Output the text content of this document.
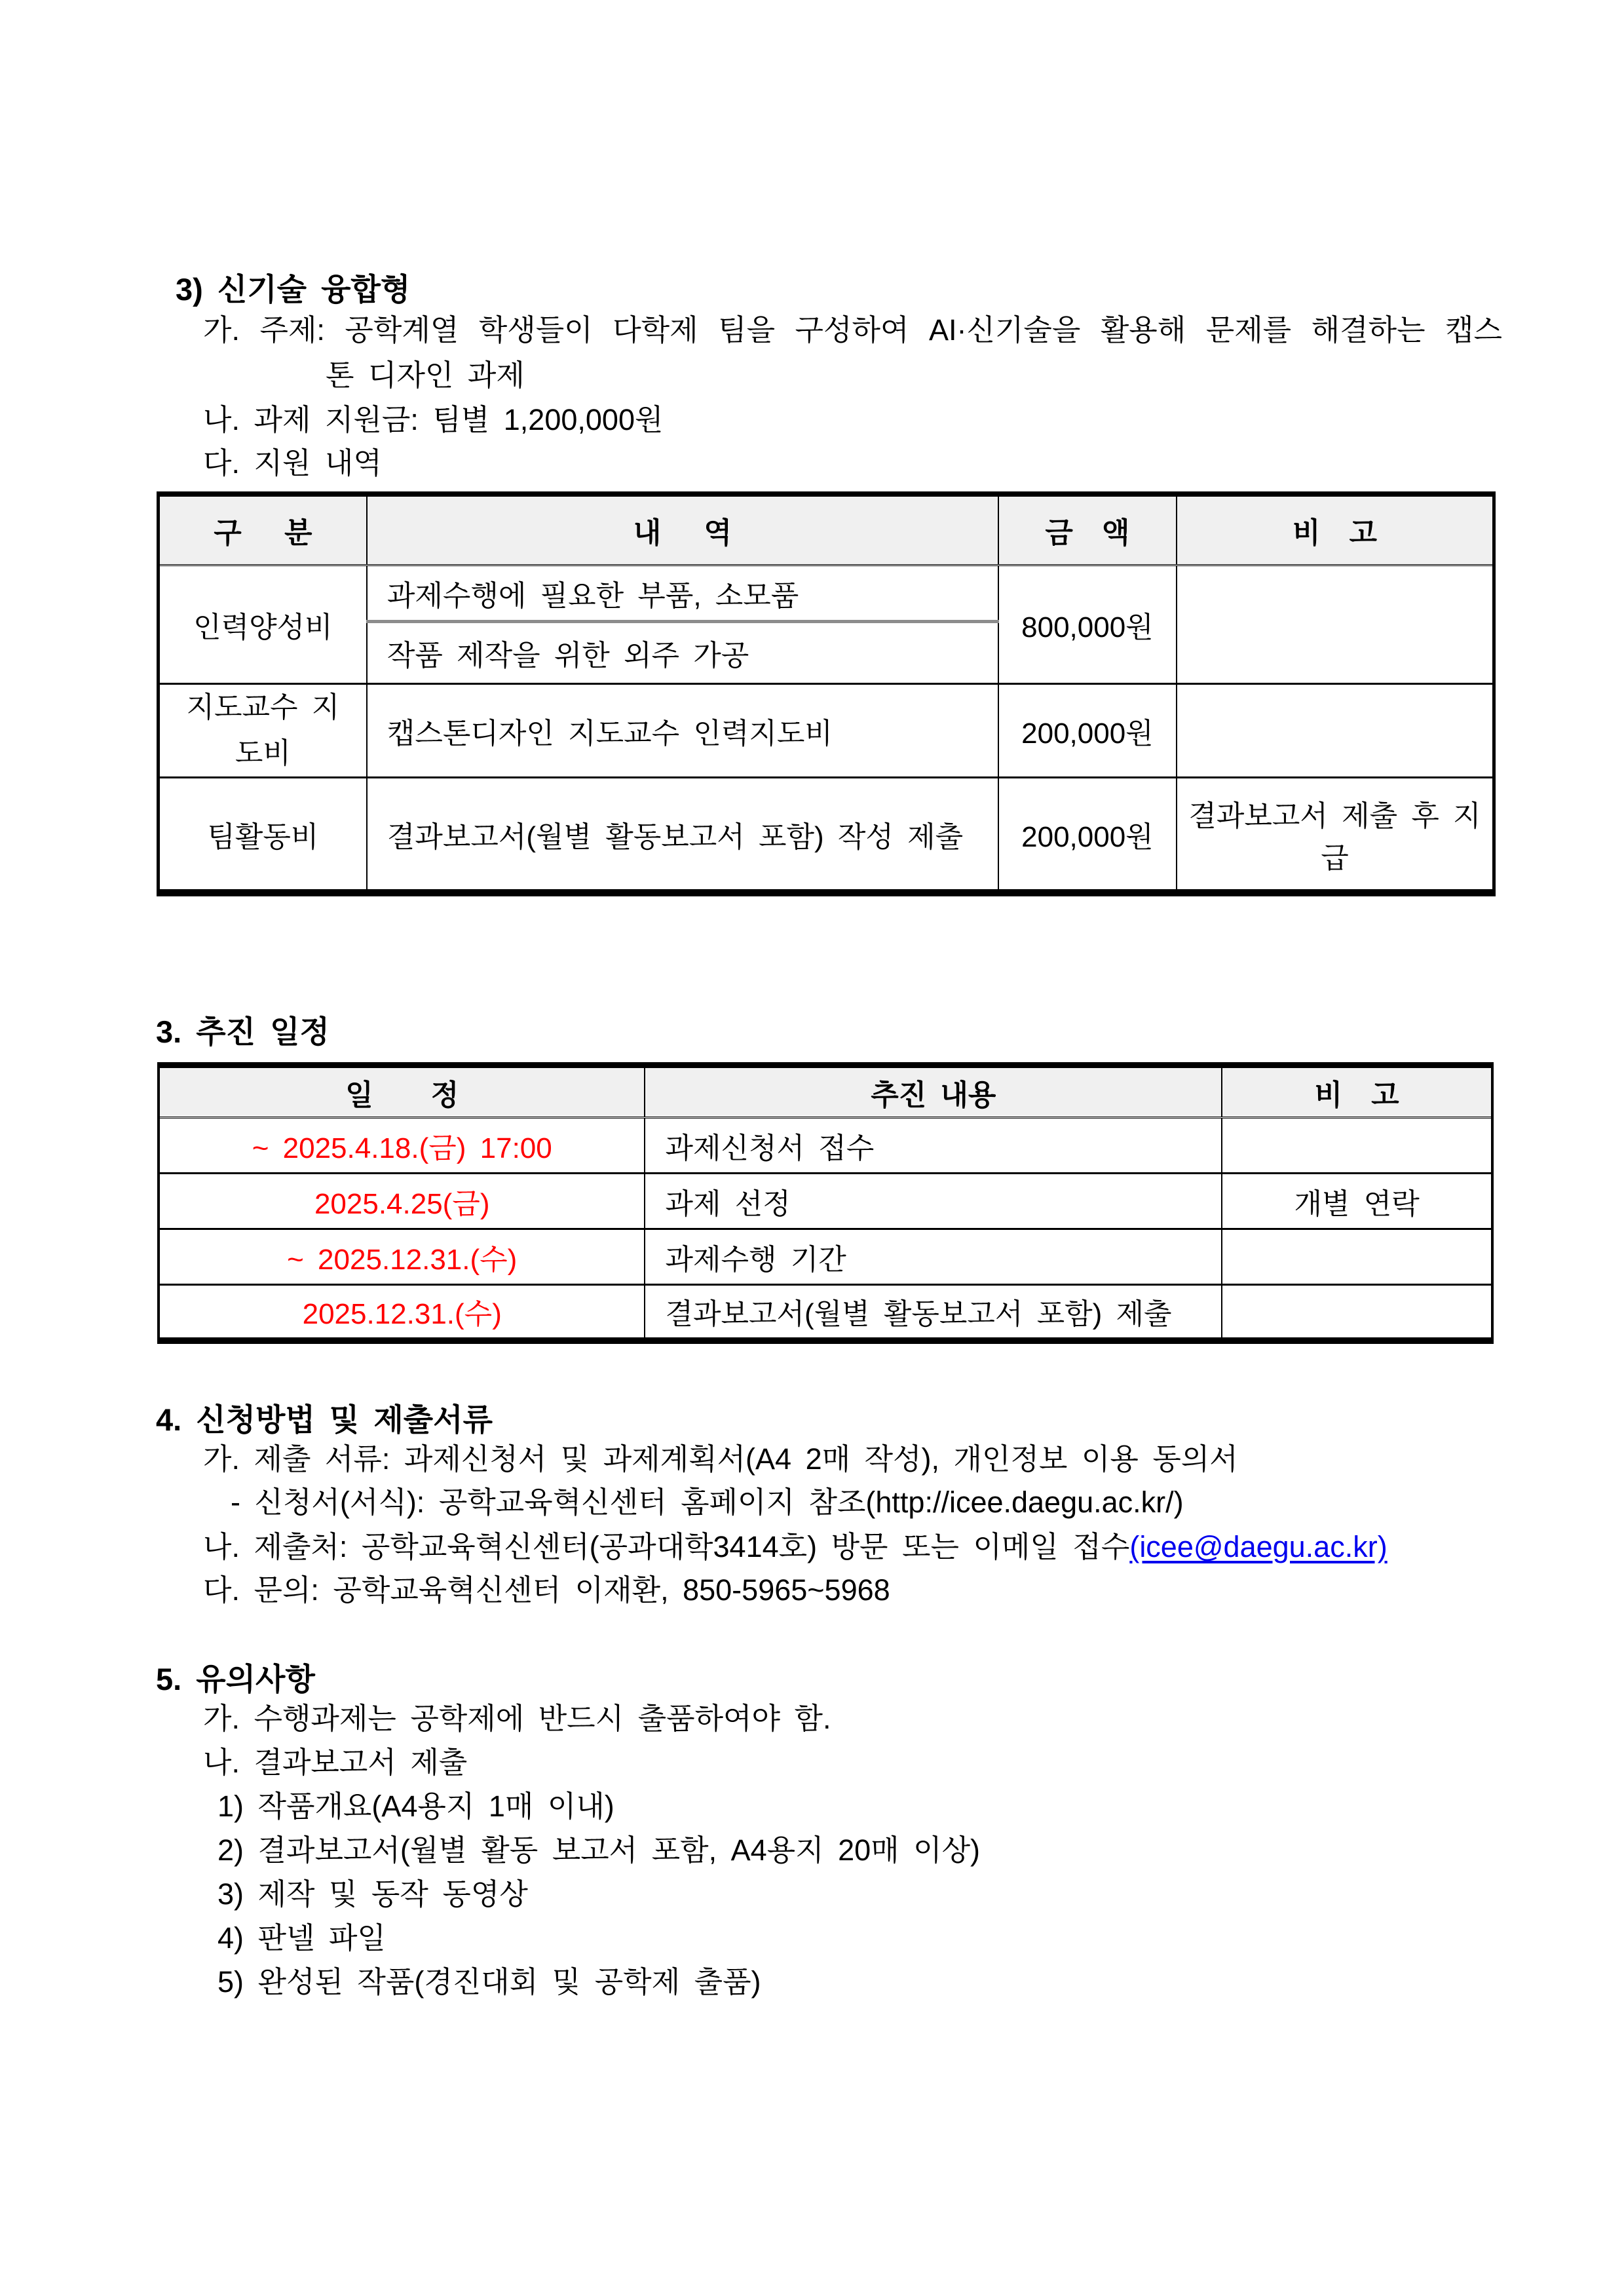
3) 신기술 융합형
가. 주제: 공학계열 학생들이 다학제 팀을 구성하여 AI·신기술을 활용해 문제를 해결하는 캡스
톤 디자인 과제
나. 과제 지원금: 팀별 1,200,000원
다. 지원 내역
구　 분	내　 역	금　액	비　고
인력양성비	과제수행에 필요한 부품, 소모품	800,000원	
	작품 제작을 위한 외주 가공		
지도교수 지도비	캡스톤디자인 지도교수 인력지도비	200,000원	
팀활동비	결과보고서(월별 활동보고서 포함) 작성 제출	200,000원	결과보고서 제출 후 지급
3. 추진 일정
일　　정	추진 내용	비　고
~ 2025.4.18.(금) 17:00	과제신청서 접수	
2025.4.25(금)	과제 선정	개별 연락
~ 2025.12.31.(수)	과제수행 기간	
2025.12.31.(수)	결과보고서(월별 활동보고서 포함) 제출	
4. 신청방법 및 제출서류
가. 제출 서류: 과제신청서 및 과제계획서(A4 2매 작성), 개인정보 이용 동의서
- 신청서(서식): 공학교육혁신센터 홈페이지 참조(http://icee.daegu.ac.kr/)
나. 제출처: 공학교육혁신센터(공과대학3414호) 방문 또는 이메일 접수(icee@daegu.ac.kr)
다. 문의: 공학교육혁신센터 이재환, 850-5965~5968
5. 유의사항
가. 수행과제는 공학제에 반드시 출품하여야 함.
나. 결과보고서 제출
1) 작품개요(A4용지 1매 이내)
2) 결과보고서(월별 활동 보고서 포함, A4용지 20매 이상)
3) 제작 및 동작 동영상
4) 판넬 파일
5) 완성된 작품(경진대회 및 공학제 출품)
